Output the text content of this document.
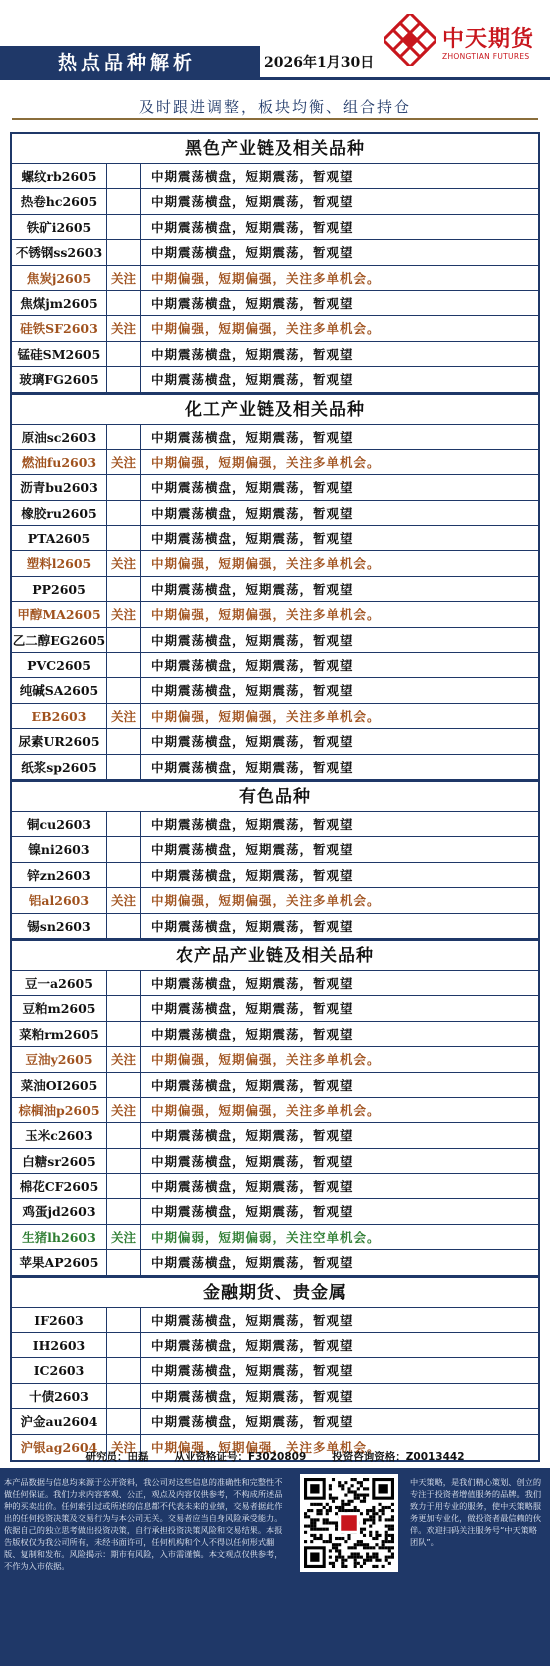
热点品种解析	2026年1月30日
中天期货
ZHONGTIAN FUTURES
及时跟进调整，板块均衡、组合持仓
黑色产业链及相关品种
螺纹rb2605	中期震荡横盘，短期震荡，暂观望
热卷hc2605	中期震荡横盘，短期震荡，暂观望
铁矿i2605	中期震荡横盘，短期震荡，暂观望
不锈钢ss2603	中期震荡横盘，短期震荡，暂观望
焦炭j2605	关注	中期偏强，短期偏强，关注多单机会。
焦煤jm2605	中期震荡横盘，短期震荡，暂观望
硅铁SF2603	关注	中期偏强，短期偏强，关注多单机会。
锰硅SM2605	中期震荡横盘，短期震荡，暂观望
玻璃FG2605	中期震荡横盘，短期震荡，暂观望
化工产业链及相关品种
原油sc2603	中期震荡横盘，短期震荡，暂观望
燃油fu2603	关注	中期偏强，短期偏强，关注多单机会。
沥青bu2603	中期震荡横盘，短期震荡，暂观望
橡胶ru2605	中期震荡横盘，短期震荡，暂观望
PTA2605	中期震荡横盘，短期震荡，暂观望
塑料l2605	关注	中期偏强，短期偏强，关注多单机会。
PP2605	中期震荡横盘，短期震荡，暂观望
甲醇MA2605 关注	中期偏强，短期偏强，关注多单机会。
乙二醇EG2605	中期震荡横盘，短期震荡，暂观望
PVC2605	中期震荡横盘，短期震荡，暂观望
纯碱SA2605	中期震荡横盘，短期震荡，暂观望
EB2603	关注	中期偏强，短期偏强，关注多单机会。
尿素UR2605	中期震荡横盘，短期震荡，暂观望
纸浆sp2605	中期震荡横盘，短期震荡，暂观望
有色品种
铜cu2603	中期震荡横盘，短期震荡，暂观望
镍ni2603	中期震荡横盘，短期震荡，暂观望
锌zn2603	中期震荡横盘，短期震荡，暂观望
铝al2603	关注	中期偏强，短期偏强，关注多单机会。
锡sn2603	中期震荡横盘，短期震荡，暂观望
农产品产业链及相关品种
豆一a2605	中期震荡横盘，短期震荡，暂观望
豆粕m2605	中期震荡横盘，短期震荡，暂观望
菜粕rm2605	中期震荡横盘，短期震荡，暂观望
豆油y2605	关注	中期偏强，短期偏强，关注多单机会。
菜油OI2605	中期震荡横盘，短期震荡，暂观望
棕榈油p2605 关注	中期偏强，短期偏强，关注多单机会。
玉米c2603	中期震荡横盘，短期震荡，暂观望
白糖sr2605	中期震荡横盘，短期震荡，暂观望
棉花CF2605	中期震荡横盘，短期震荡，暂观望
鸡蛋jd2603	中期震荡横盘，短期震荡，暂观望
生猪lh2603	关注	中期偏弱，短期偏弱，关注空单机会。
苹果AP2605	中期震荡横盘，短期震荡，暂观望
金融期货、贵金属
IF2603	中期震荡横盘，短期震荡，暂观望
IH2603	中期震荡横盘，短期震荡，暂观望
IC2603	中期震荡横盘，短期震荡，暂观望
十债2603	中期震荡横盘，短期震荡，暂观望
沪金au2604	中期震荡横盘，短期震荡，暂观望
沪银ag2604	关注	中期偏强，短期偏强，关注多单机会。
研究员：田磊 从业资格证号：F3020809 投资咨询资格：Z0013442
本产品数据与信息均来源于公开资料，我公司对这些信息的准确性和完整性不做任何保证。我们力求内容客观、公正，观点及内容仅供参考，不构成所述品种的买卖出价。任何索引过或所述的信息都不代表未来的业绩，交易者据此作出的任何投资决策及交易行为与本公司无关。交易者应当自身风险承受能力。依据自己的独立思考做出投资决策，自行承担投资决策风险和交易结果。本报告版权仅为我公司所有，未经书面许可，任何机构和个人不得以任何形式翻版、复制和发布。风险揭示：期市有风险，入市需谨慎。本文观点仅供参考，不作为入市依据。
中天策略，是我们精心策划、创立的专注于投资者增值服务的品牌。我们致力于用专业的服务，使中天策略服务更加专业化，做投资者最信赖的伙伴。欢迎扫码关注服务号“中天策略团队”。
